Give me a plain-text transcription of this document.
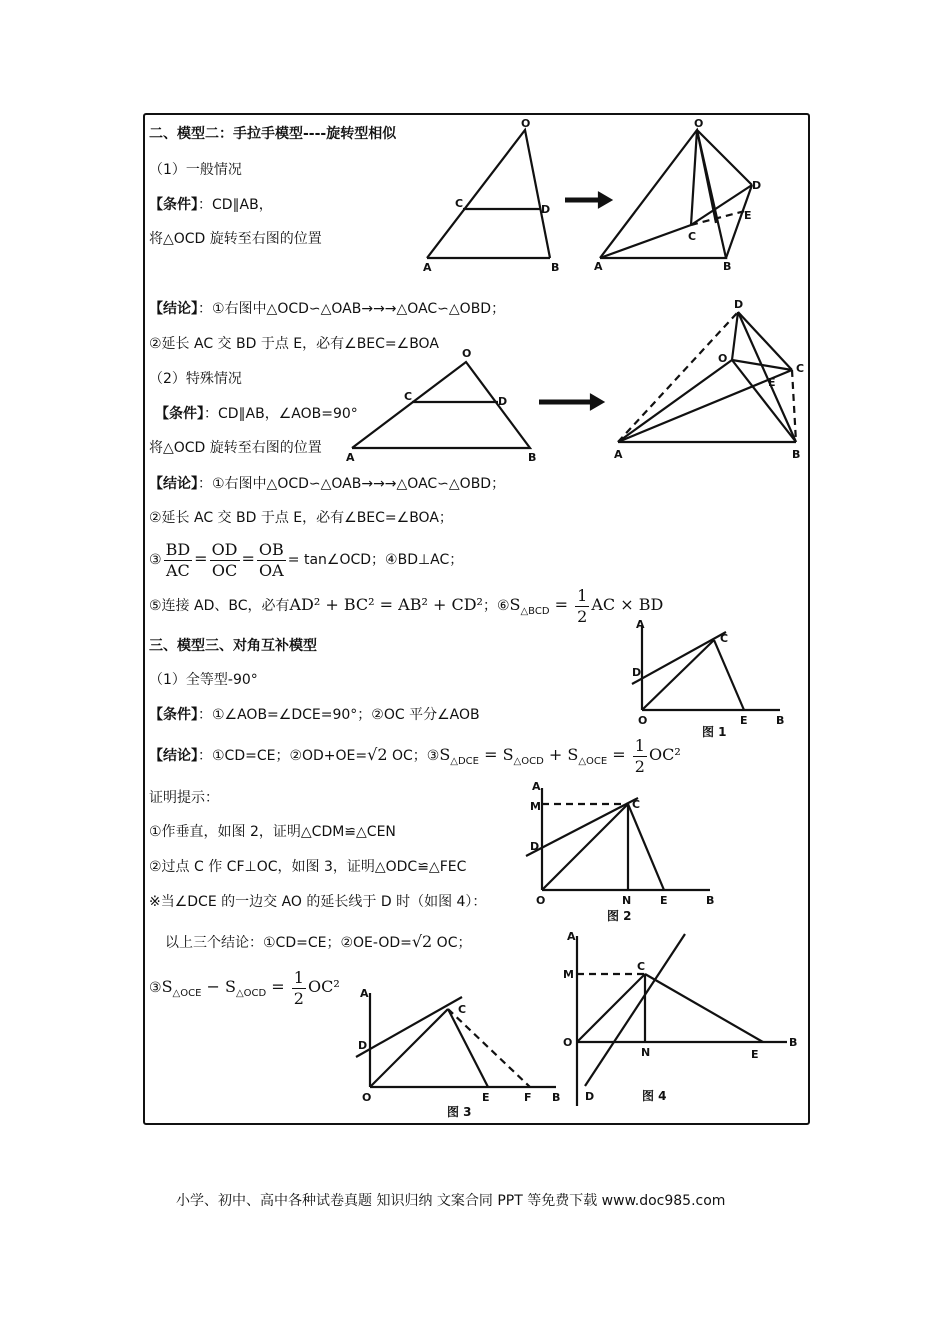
二、模型二：手拉手模型----旋转型相似
（1）一般情况
【条件】：CD∥AB，
将△OCD 旋转至右图的位置
【结论】：①右图中△OCD∽△OAB→→→△OAC∽△OBD；
②延长 AC 交 BD 于点 E，必有∠BEC=∠BOA
（2）特殊情况
【条件】：CD∥AB，∠AOB=90°
将△OCD 旋转至右图的位置
【结论】：①右图中△OCD∽△OAB→→→△OAC∽△OBD；
②延长 AC 交 BD 于点 E，必有∠BEC=∠BOA；
③ $\frac{BD}{AC} = \frac{OD}{OC} = \frac{OB}{OA}$ = tan∠OCD；④BD⊥AC；
⑤连接 AD、BC，必有AD² + BC² = AB² + CD²；$⑥S_{\triangle BCD} = \frac{1}{2}$ AC × BD
三、模型三、对角互补模型
（1）全等型-90°
【条件】：①∠AOB=∠DCE=90°；②OC 平分∠AOB
【结论】：①CD=CE；②OD+OE=√2 OC；$③S_{\triangle DCE} = S_{\triangle OCD} + S_{\triangle OCE} = \frac{1}{2} OC^2$
证明提示：
①作垂直，如图 2，证明△CDM≌△CEN
②过点 C 作 CF⊥OC，如图 3，证明△ODC≌△FEC
※当∠DCE 的一边交 AO 的延长线于 D 时（如图 4）：
以上三个结论：①CD=CE；②OE-OD=√2 OC；
$③S_{\triangle OCE} - S_{\triangle OCD} = \frac{1}{2} OC^2$
O
C	D
A	B
O
D
E
C
A	B
O
C	D
A	B
D
O
C
E
A	B
A
C
D
O	E	B
图 1
A
M	C
D
O	N	E	B
图 2
A
C
D
O	E	F B
图 3
A
M
C
O
N	E
B
D	图 4
小学、初中、高中各种试卷真题 知识归纳 文案合同 PPT 等免费下载 www.doc985.com
